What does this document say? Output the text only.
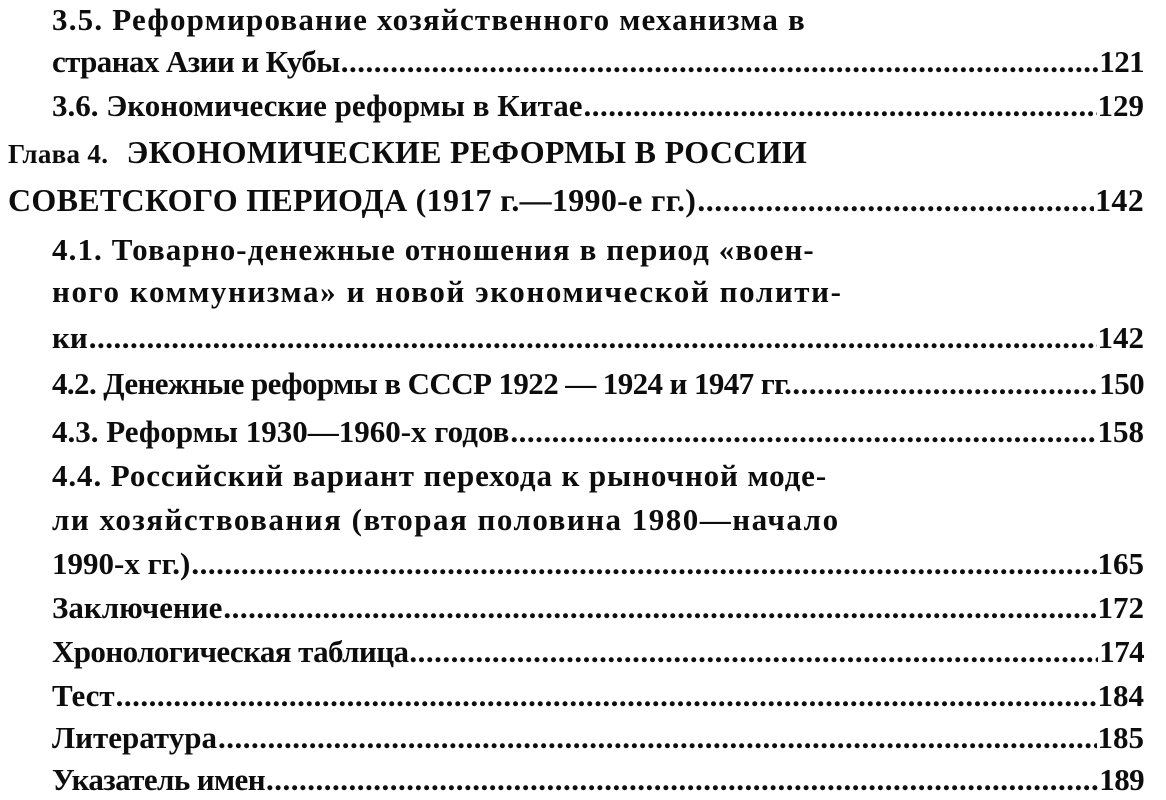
3.5. Реформирование хозяйственного механизма в
странах Азии и Кубы .....	121
3.6. Экономические реформы в Китае .....	129
Глава 4. ЭКОНОМИЧЕСКИЕ РЕФОРМЫ В РОССИИ
СОВЕТСКОГО ПЕРИОДА (1917 г.—1990-е гг.) .....	142
4.1. Товарно-денежные отношения в период «воен-
ного коммунизма» и новой экономической полити-
ки .....	142
4.2. Денежные реформы в СССР 1922 — 1924 и 1947 гг. .....	150
4.3. Реформы 1930—1960-х годов .....	158
4.4. Российский вариант перехода к рыночной моде-
ли хозяйствования (вторая половина 1980—начало
1990-х гг.) .....	165
Заключение .....	172
Хронологическая таблица .....	174
Тест .....	184
Литература .....	185
Указатель имен .....	189
